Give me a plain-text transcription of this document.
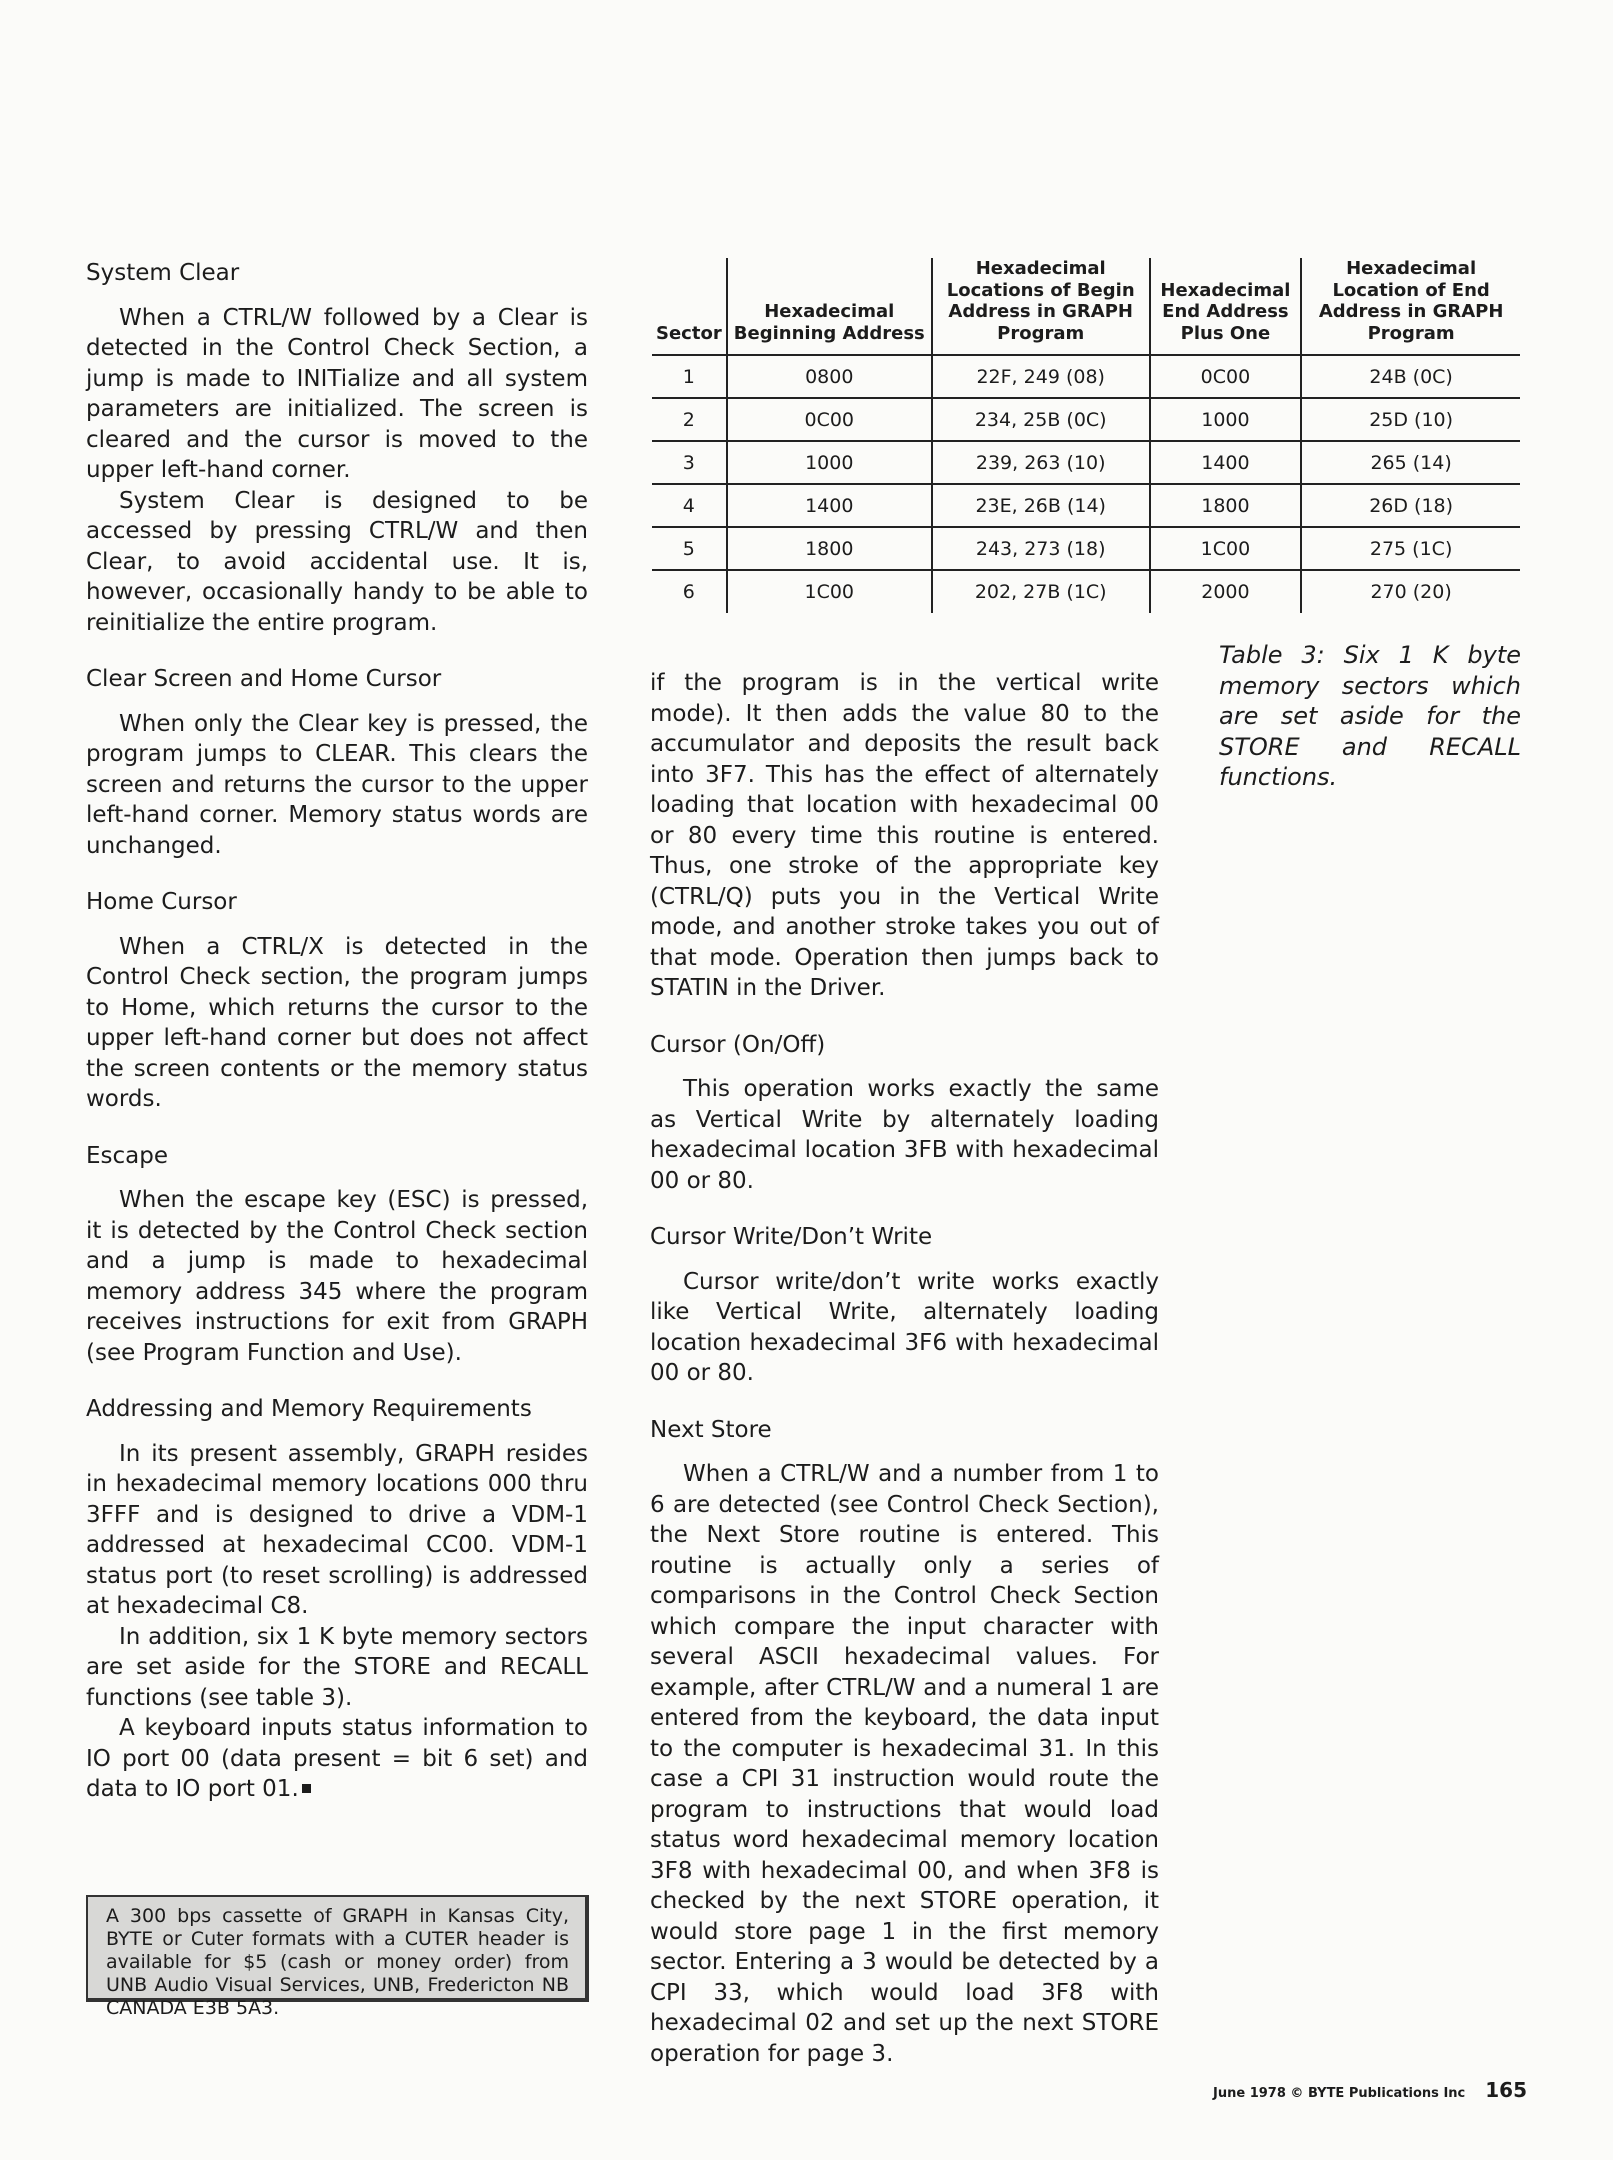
System Clear

When a CTRL/W followed by a Clear is detected in the Control Check Section, a jump is made to INITialize and all system parameters are initialized. The screen is cleared and the cursor is moved to the upper left-hand corner.

System Clear is designed to be accessed by pressing CTRL/W and then Clear, to avoid accidental use. It is, however, occasionally handy to be able to reinitialize the entire program.

Clear Screen and Home Cursor

When only the Clear key is pressed, the program jumps to CLEAR. This clears the screen and returns the cursor to the upper left-hand corner. Memory status words are unchanged.

Home Cursor

When a CTRL/X is detected in the Control Check section, the program jumps to Home, which returns the cursor to the upper left-hand corner but does not affect the screen contents or the memory status words.

Escape

When the escape key (ESC) is pressed, it is detected by the Control Check section and a jump is made to hexadecimal memory address 345 where the program receives instructions for exit from GRAPH (see Program Function and Use).

Addressing and Memory Requirements

In its present assembly, GRAPH resides in hexadecimal memory locations 000 thru 3FFF and is designed to drive a VDM-1 addressed at hexadecimal CC00. VDM-1 status port (to reset scrolling) is addressed at hexadecimal C8.

In addition, six 1 K byte memory sectors are set aside for the STORE and RECALL functions (see table 3).

A keyboard inputs status information to IO port 00 (data present = bit 6 set) and data to IO port 01.

A 300 bps cassette of GRAPH in Kansas City, BYTE or Cuter formats with a CUTER header is available for $5 (cash or money order) from UNB Audio Visual Services, UNB, Fredericton NB CANADA E3B 5A3.
Sector	Hexadecimal Beginning Address	Hexadecimal Locations of Begin Address in GRAPH Program	Hexadecimal End Address Plus One	Hexadecimal Location of End Address in GRAPH Program
1	0800	22F, 249 (08)	0C00	24B (0C)
2	0C00	234, 25B (0C)	1000	25D (10)
3	1000	239, 263 (10)	1400	265 (14)
4	1400	23E, 26B (14)	1800	26D (18)
5	1800	243, 273 (18)	1C00	275 (1C)
6	1C00	202, 27B (1C)	2000	270 (20)
Table 3: Six 1 K byte memory sectors which are set aside for the STORE and RECALL functions.

if the program is in the vertical write mode). It then adds the value 80 to the accumulator and deposits the result back into 3F7. This has the effect of alternately loading that location with hexadecimal 00 or 80 every time this routine is entered. Thus, one stroke of the appropriate key (CTRL/Q) puts you in the Vertical Write mode, and another stroke takes you out of that mode. Operation then jumps back to STATIN in the Driver.

Cursor (On/Off)

This operation works exactly the same as Vertical Write by alternately loading hexadecimal location 3FB with hexadecimal 00 or 80.

Cursor Write/Don’t Write

Cursor write/don’t write works exactly like Vertical Write, alternately loading location hexadecimal 3F6 with hexadecimal 00 or 80.

Next Store

When a CTRL/W and a number from 1 to 6 are detected (see Control Check Section), the Next Store routine is entered. This routine is actually only a series of comparisons in the Control Check Section which compare the input character with several ASCII hexadecimal values. For example, after CTRL/W and a numeral 1 are entered from the keyboard, the data input to the computer is hexadecimal 31. In this case a CPI 31 instruction would route the program to instructions that would load status word hexadecimal memory location 3F8 with hexadecimal 00, and when 3F8 is checked by the next STORE operation, it would store page 1 in the first memory sector. Entering a 3 would be detected by a CPI 33, which would load 3F8 with hexadecimal 02 and set up the next STORE operation for page 3.

June 1978 © BYTE Publications Inc 165
